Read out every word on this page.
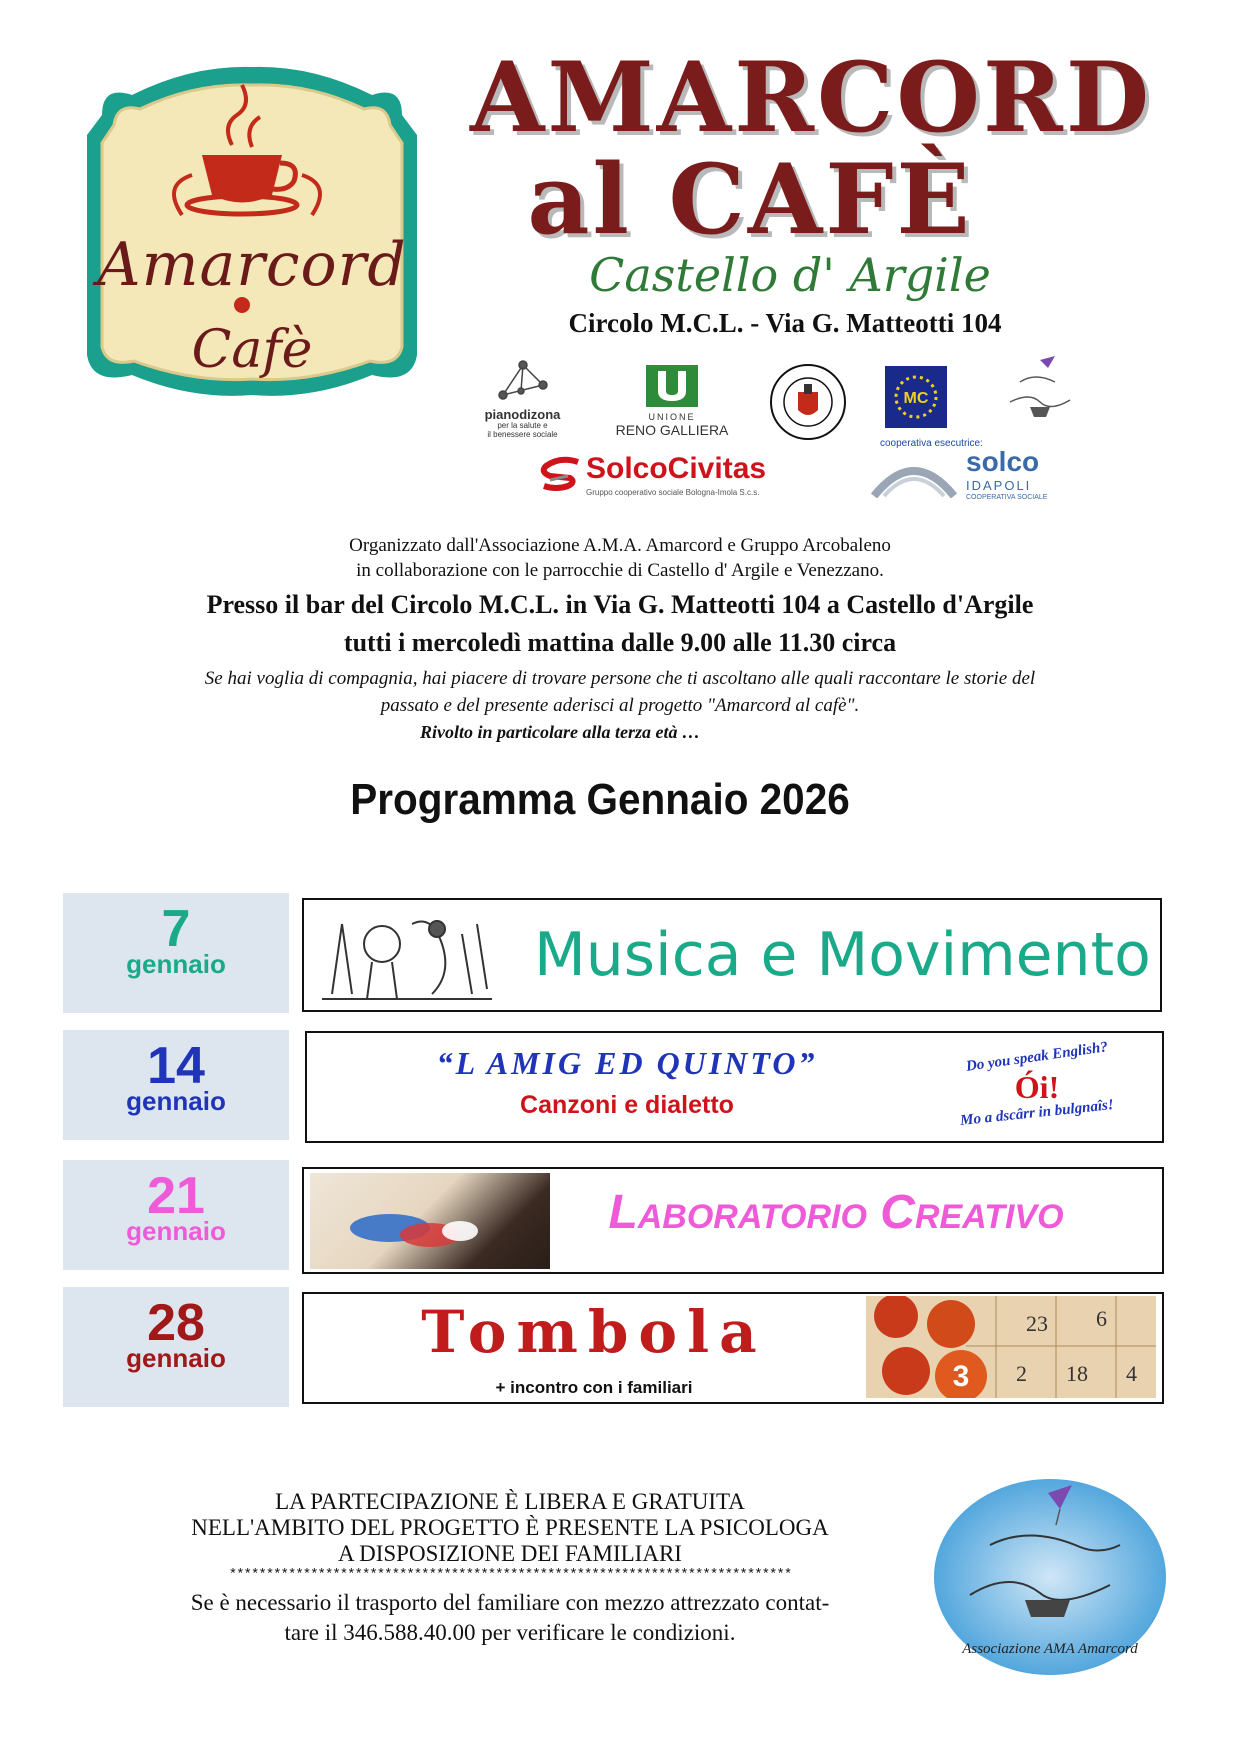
Amarcord
Cafè
AMARCORD
al CAFÈ
Castello d' Argile
Circolo M.C.L. - Via G. Matteotti 104
pianodizona
per la salute e
il benessere sociale
UNIONE
RENO GALLIERA
MC
SolcoCivitas
Gruppo cooperativo sociale Bologna-Imola S.c.s.
cooperativa esecutrice:
solco
IDAPOLI
COOPERATIVA SOCIALE
Organizzato dall'Associazione A.M.A. Amarcord e Gruppo Arcobaleno
in collaborazione con le parrocchie di Castello d' Argile e Venezzano.
Presso il bar del Circolo M.C.L. in Via G. Matteotti 104 a Castello d'Argile
tutti i mercoledì mattina dalle 9.00 alle 11.30 circa
Se hai voglia di compagnia, hai piacere di trovare persone che ti ascoltano alle quali raccontare le storie del
passato e del presente aderisci al progetto "Amarcord al cafè".
Rivolto in particolare alla terza età …
Programma Gennaio 2026
7
gennaio	Musica e Movimento
14
gennaio
“L AMIG ED QUINTO”
Canzoni e dialetto
Do you speak English?
Ói!
Mo a dscârr in bulgnaîs!
21
gennaio	Laboratorio Creativo
28
gennaio	Tombola
+ incontro con i familiari	3
23 6
2 18 4
LA PARTECIPAZIONE È LIBERA E GRATUITA
NELL'AMBITO DEL PROGETTO È PRESENTE LA PSICOLOGA
A DISPOSIZIONE DEI FAMILIARI
****************************************************************************
Se è necessario il trasporto del familiare con mezzo attrezzato contat-
tare il 346.588.40.00 per verificare le condizioni.
Associazione AMA Amarcord
